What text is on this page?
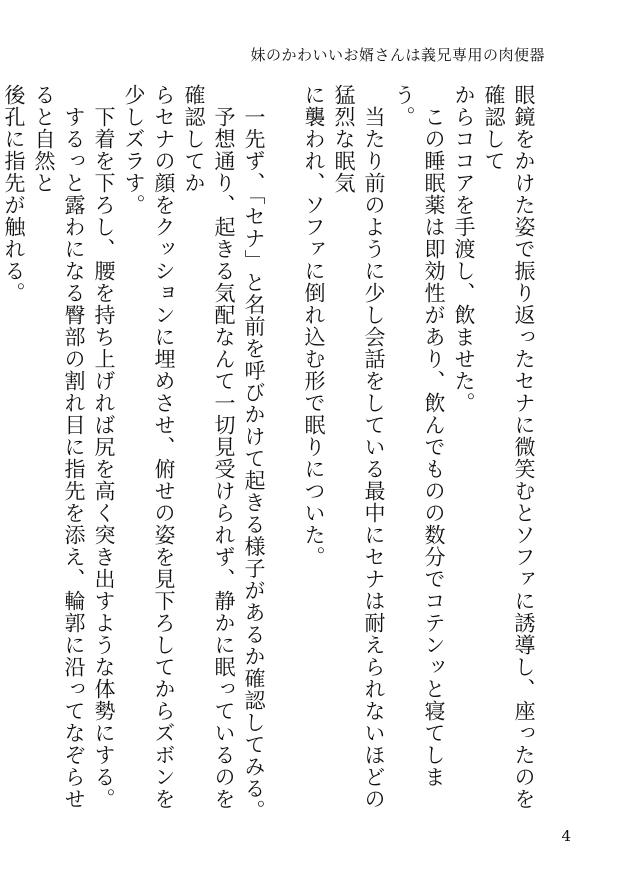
妹のかわいいお婿さんは義兄専用の肉便器

眼鏡をかけた姿で振り返ったセナに微笑むとソファに誘導し、座ったのを確認して

からココアを手渡し、飲ませた。

　この睡眠薬は即効性があり、飲んでものの数分でコテンッと寝てしまう。

　当たり前のように少し会話をしている最中にセナは耐えられないほどの猛烈な眠気

に襲われ、ソファに倒れ込む形で眠りについた。

　一先ず、「セナ」と名前を呼びかけて起きる様子があるか確認してみる。

　予想通り、起きる気配なんて一切見受けられず、静かに眠っているのを確認してか

らセナの顔をクッションに埋めさせ、俯せの姿を見下ろしてからズボンを少しズラす。

　下着を下ろし、腰を持ち上げれば尻を高く突き出すような体勢にする。

　するっと露わになる臀部の割れ目に指先を添え、輪郭に沿ってなぞらせると自然と

後孔に指先が触れる。

4
